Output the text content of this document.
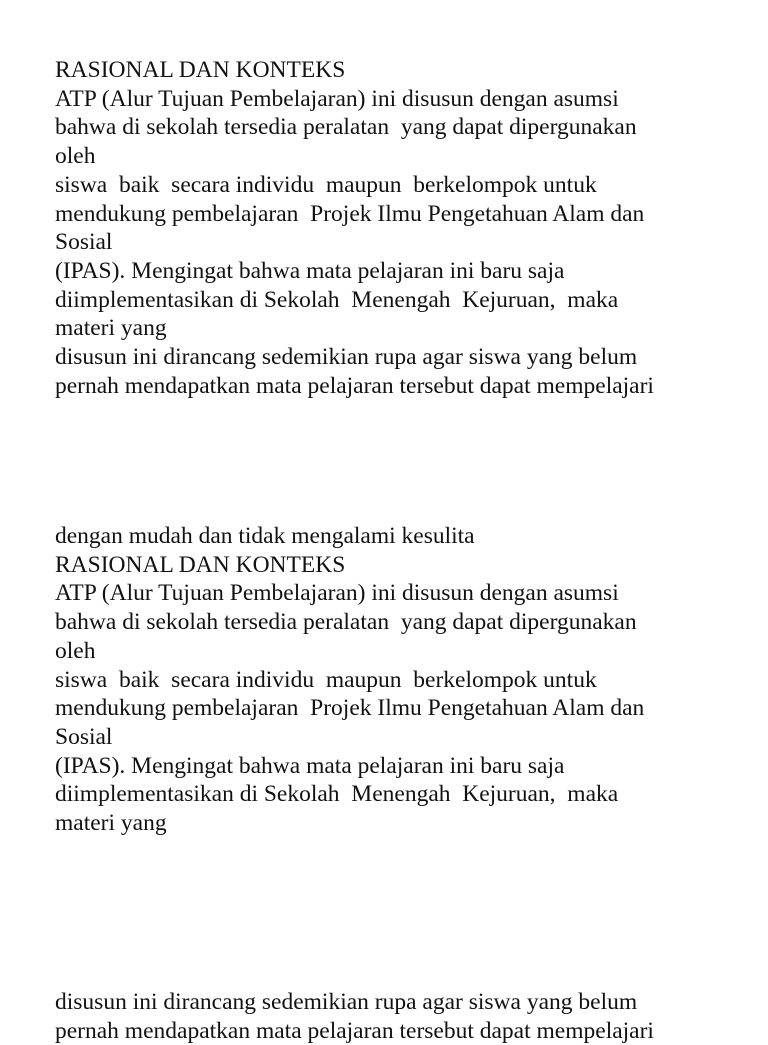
RASIONAL DAN KONTEKS
ATP (Alur Tujuan Pembelajaran) ini disusun dengan asumsi
bahwa di sekolah tersedia peralatan  yang dapat dipergunakan
oleh
siswa  baik  secara individu  maupun  berkelompok untuk
mendukung pembelajaran  Projek Ilmu Pengetahuan Alam dan
Sosial
(IPAS). Mengingat bahwa mata pelajaran ini baru saja
diimplementasikan di Sekolah  Menengah  Kejuruan,  maka
materi yang
disusun ini dirancang sedemikian rupa agar siswa yang belum
pernah mendapatkan mata pelajaran tersebut dapat mempelajari
dengan mudah dan tidak mengalami kesulita
RASIONAL DAN KONTEKS
ATP (Alur Tujuan Pembelajaran) ini disusun dengan asumsi
bahwa di sekolah tersedia peralatan  yang dapat dipergunakan
oleh
siswa  baik  secara individu  maupun  berkelompok untuk
mendukung pembelajaran  Projek Ilmu Pengetahuan Alam dan
Sosial
(IPAS). Mengingat bahwa mata pelajaran ini baru saja
diimplementasikan di Sekolah  Menengah  Kejuruan,  maka
materi yang
disusun ini dirancang sedemikian rupa agar siswa yang belum
pernah mendapatkan mata pelajaran tersebut dapat mempelajari
